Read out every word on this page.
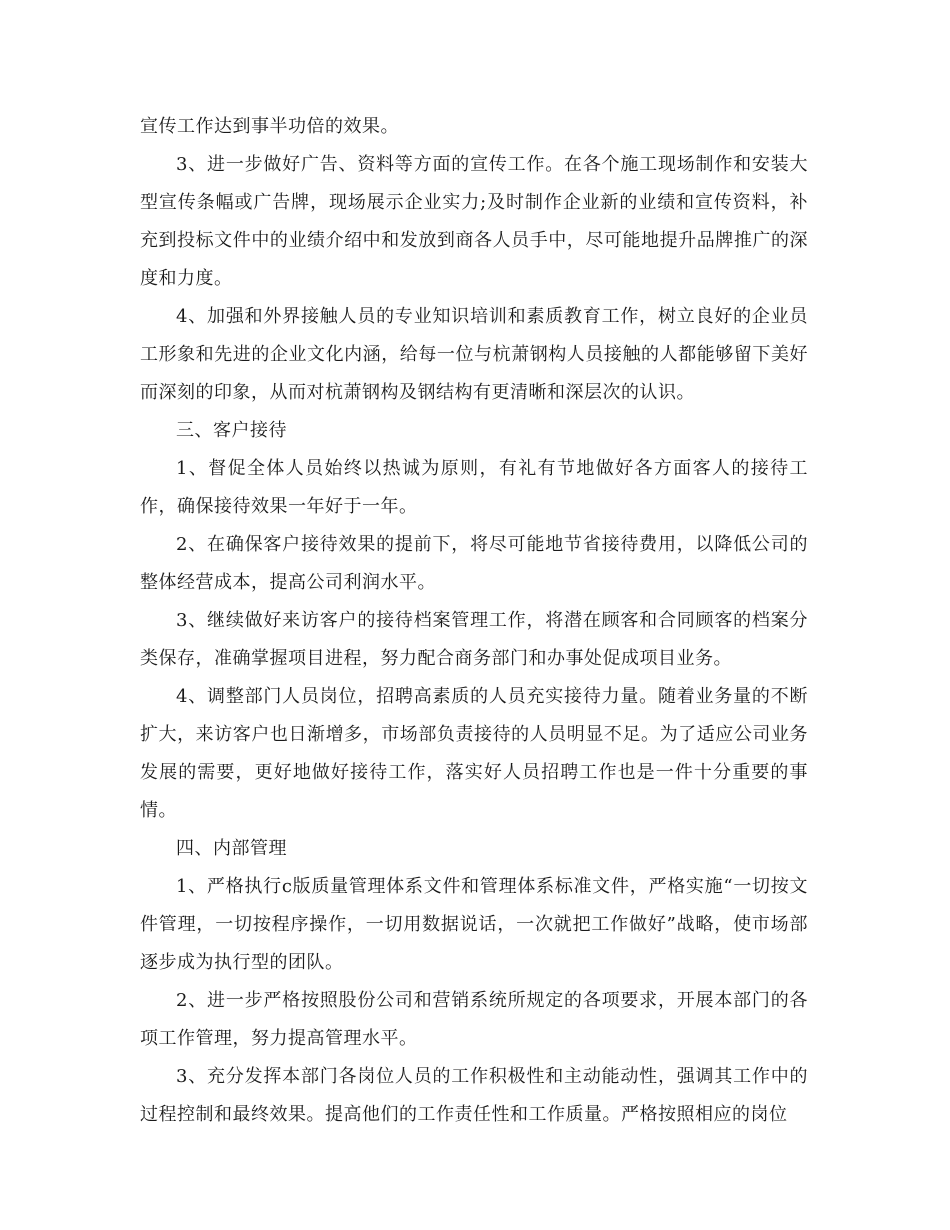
宣传工作达到事半功倍的效果。

3、进一步做好广告、资料等方面的宣传工作。在各个施工现场制作和安装大型宣传条幅或广告牌，现场展示企业实力;及时制作企业新的业绩和宣传资料，补充到投标文件中的业绩介绍中和发放到商各人员手中，尽可能地提升品牌推广的深度和力度。

4、加强和外界接触人员的专业知识培训和素质教育工作，树立良好的企业员工形象和先进的企业文化内涵，给每一位与杭萧钢构人员接触的人都能够留下美好而深刻的印象，从而对杭萧钢构及钢结构有更清晰和深层次的认识。

三、客户接待

1、督促全体人员始终以热诚为原则，有礼有节地做好各方面客人的接待工作，确保接待效果一年好于一年。

2、在确保客户接待效果的提前下，将尽可能地节省接待费用，以降低公司的整体经营成本，提高公司利润水平。

3、继续做好来访客户的接待档案管理工作，将潜在顾客和合同顾客的档案分类保存，准确掌握项目进程，努力配合商务部门和办事处促成项目业务。

4、调整部门人员岗位，招聘高素质的人员充实接待力量。随着业务量的不断扩大，来访客户也日渐增多，市场部负责接待的人员明显不足。为了适应公司业务发展的需要，更好地做好接待工作，落实好人员招聘工作也是一件十分重要的事情。

四、内部管理

1、严格执行c版质量管理体系文件和管理体系标准文件，严格实施“一切按文件管理，一切按程序操作，一切用数据说话，一次就把工作做好”战略，使市场部逐步成为执行型的团队。

2、进一步严格按照股份公司和营销系统所规定的各项要求，开展本部门的各项工作管理，努力提高管理水平。

3、充分发挥本部门各岗位人员的工作积极性和主动能动性，强调其工作中的过程控制和最终效果。提高他们的工作责任性和工作质量。严格按照相应的岗位
